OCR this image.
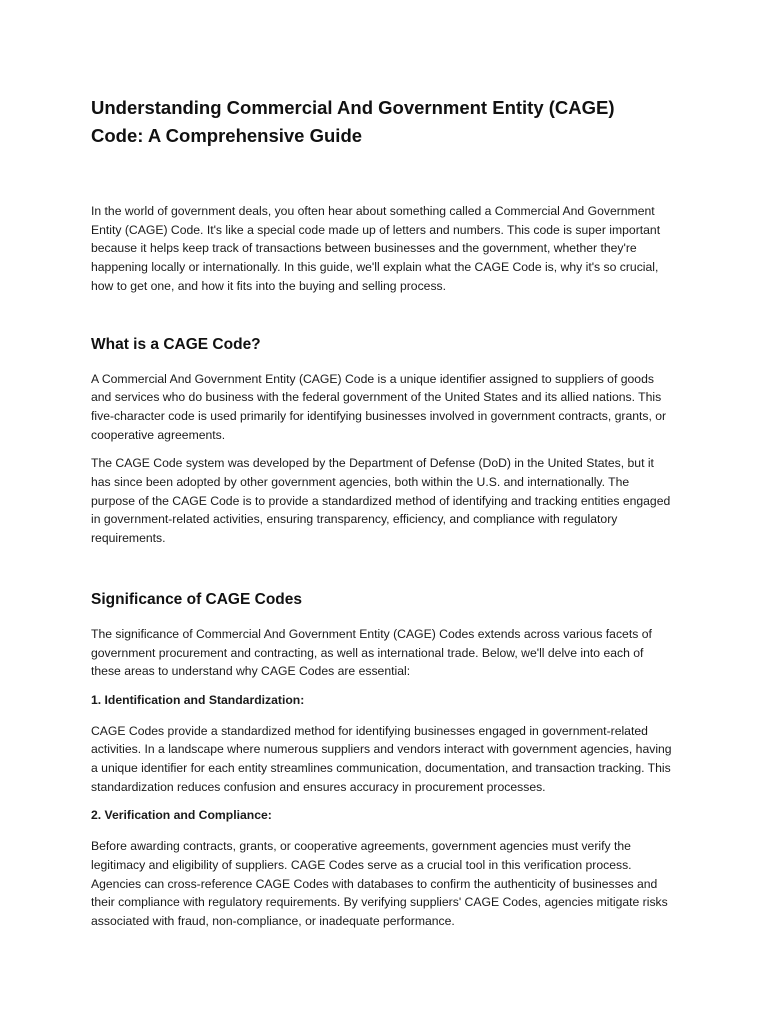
Understanding Commercial And Government Entity (CAGE) Code: A Comprehensive Guide

In the world of government deals, you often hear about something called a Commercial And Government Entity (CAGE) Code. It's like a special code made up of letters and numbers. This code is super important because it helps keep track of transactions between businesses and the government, whether they're happening locally or internationally. In this guide, we'll explain what the CAGE Code is, why it's so crucial, how to get one, and how it fits into the buying and selling process.

What is a CAGE Code?

A Commercial And Government Entity (CAGE) Code is a unique identifier assigned to suppliers of goods and services who do business with the federal government of the United States and its allied nations. This five-character code is used primarily for identifying businesses involved in government contracts, grants, or cooperative agreements.

The CAGE Code system was developed by the Department of Defense (DoD) in the United States, but it has since been adopted by other government agencies, both within the U.S. and internationally. The purpose of the CAGE Code is to provide a standardized method of identifying and tracking entities engaged in government-related activities, ensuring transparency, efficiency, and compliance with regulatory requirements.

Significance of CAGE Codes

The significance of Commercial And Government Entity (CAGE) Codes extends across various facets of government procurement and contracting, as well as international trade. Below, we'll delve into each of these areas to understand why CAGE Codes are essential:

1. Identification and Standardization:

CAGE Codes provide a standardized method for identifying businesses engaged in government-related activities. In a landscape where numerous suppliers and vendors interact with government agencies, having a unique identifier for each entity streamlines communication, documentation, and transaction tracking. This standardization reduces confusion and ensures accuracy in procurement processes.

2. Verification and Compliance:

Before awarding contracts, grants, or cooperative agreements, government agencies must verify the legitimacy and eligibility of suppliers. CAGE Codes serve as a crucial tool in this verification process. Agencies can cross-reference CAGE Codes with databases to confirm the authenticity of businesses and their compliance with regulatory requirements. By verifying suppliers' CAGE Codes, agencies mitigate risks associated with fraud, non-compliance, or inadequate performance.
